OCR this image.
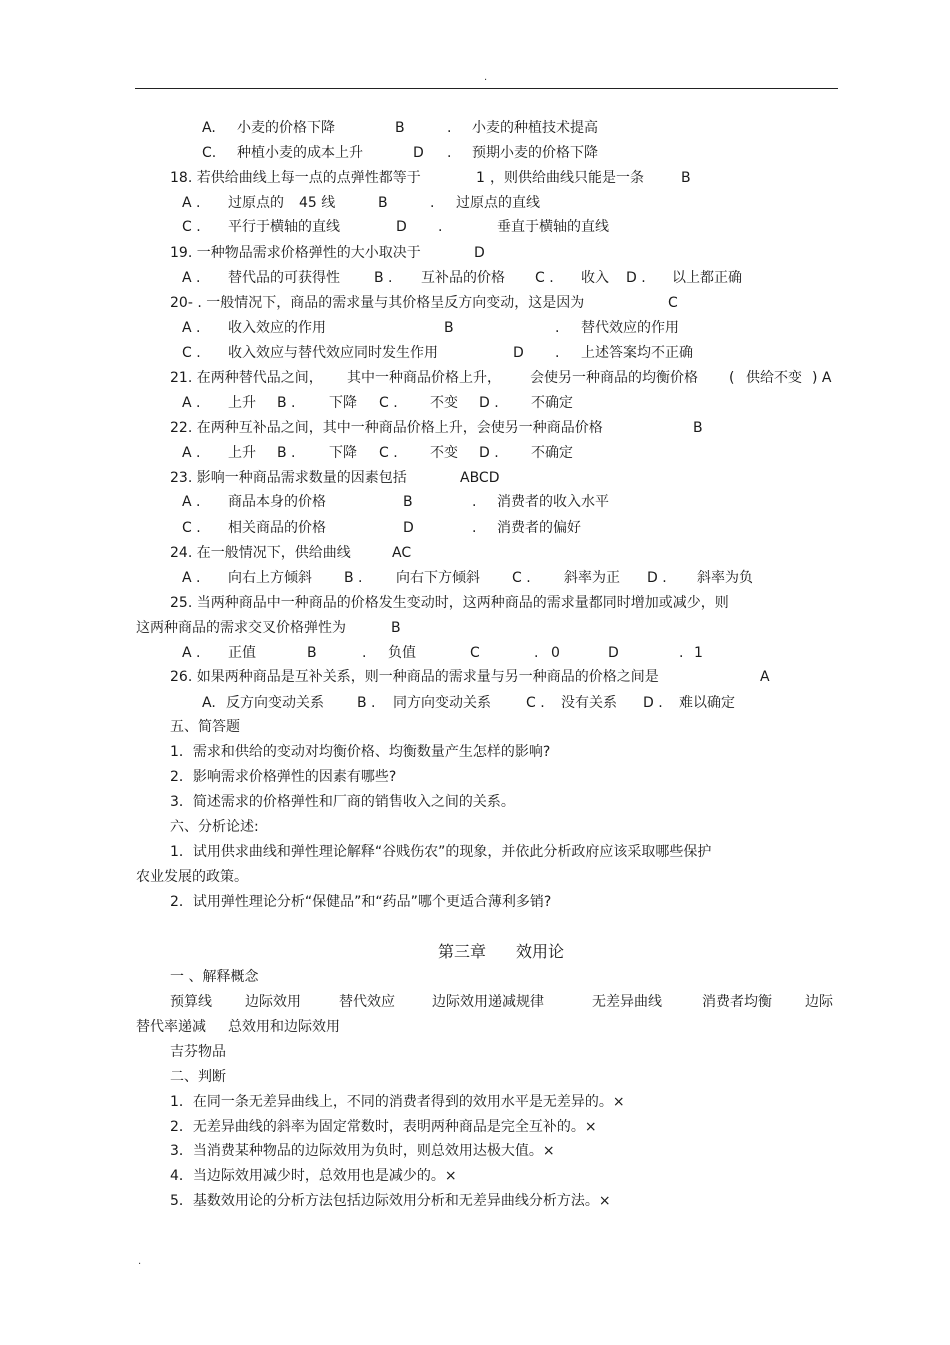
.
A. 小麦的价格下降	B	. 小麦的种植技术提高
C. 种植小麦的成本上升	D . 预期小麦的价格下降
18. 若供给曲线上每一点的点弹性都等于	1 ，则供给曲线只能是一条	B
A . 过原点的 45 线	B	. 过原点的直线
C . 平行于横轴的直线	D .	垂直于横轴的直线
19. 一种物品需求价格弹性的大小取决于	D
A . 替代品的可获得性 B . 互补品的价格 C . 收入 D . 以上都正确
20- . 一般情况下，商品的需求量与其价格呈反方向变动，这是因为	C
A . 收入效应的作用	B	. 替代效应的作用
C . 收入效应与替代效应同时发生作用	D . 上述答案均不正确
21. 在两种替代品之间， 其中一种商品价格上升， 会使另一种商品的均衡价格 ( 供给不变 ) A
A . 上升 B . 下降 C . 不变 D . 不确定
22. 在两种互补品之间，其中一种商品价格上升，会使另一种商品价格	B
A . 上升 B . 下降 C . 不变 D . 不确定
23. 影响一种商品需求数量的因素包括	ABCD
A . 商品本身的价格	B	. 消费者的收入水平
C . 相关商品的价格	D	. 消费者的偏好
24. 在一般情况下，供给曲线	AC
A . 向右上方倾斜 B . 向右下方倾斜 C . 斜率为正 D . 斜率为负
25. 当两种商品中一种商品的价格发生变动时，这两种商品的需求量都同时增加或减少，则
这两种商品的需求交叉价格弹性为	B
A . 正值	B	. 负值	C	. 0	D	. 1
26. 如果两种商品是互补关系，则一种商品的需求量与另一种商品的价格之间是	A
A. 反方向变动关系 B . 同方向变动关系	C . 没有关系 D . 难以确定
五、简答题
1．需求和供给的变动对均衡价格、均衡数量产生怎样的影响?
2．影响需求价格弹性的因素有哪些?
3．简述需求的价格弹性和厂商的销售收入之间的关系。
六、分析论述:
1．试用供求曲线和弹性理论解释“谷贱伤农”的现象，并依此分析政府应该采取哪些保护
农业发展的政策。
2．试用弹性理论分析“保健品”和“药品”哪个更适合薄利多销?
第三章 效用论
一 、解释概念
预算线 边际效用	替代效应	边际效用递减规律	无差异曲线	消费者均衡 边际
替代率递减 总效用和边际效用
吉芬物品
二、判断
1．在同一条无差异曲线上，不同的消费者得到的效用水平是无差异的。×
2．无差异曲线的斜率为固定常数时，表明两种商品是完全互补的。×
3．当消费某种物品的边际效用为负时，则总效用达极大值。×
4．当边际效用减少时，总效用也是减少的。×
5．基数效用论的分析方法包括边际效用分析和无差异曲线分析方法。×
.
